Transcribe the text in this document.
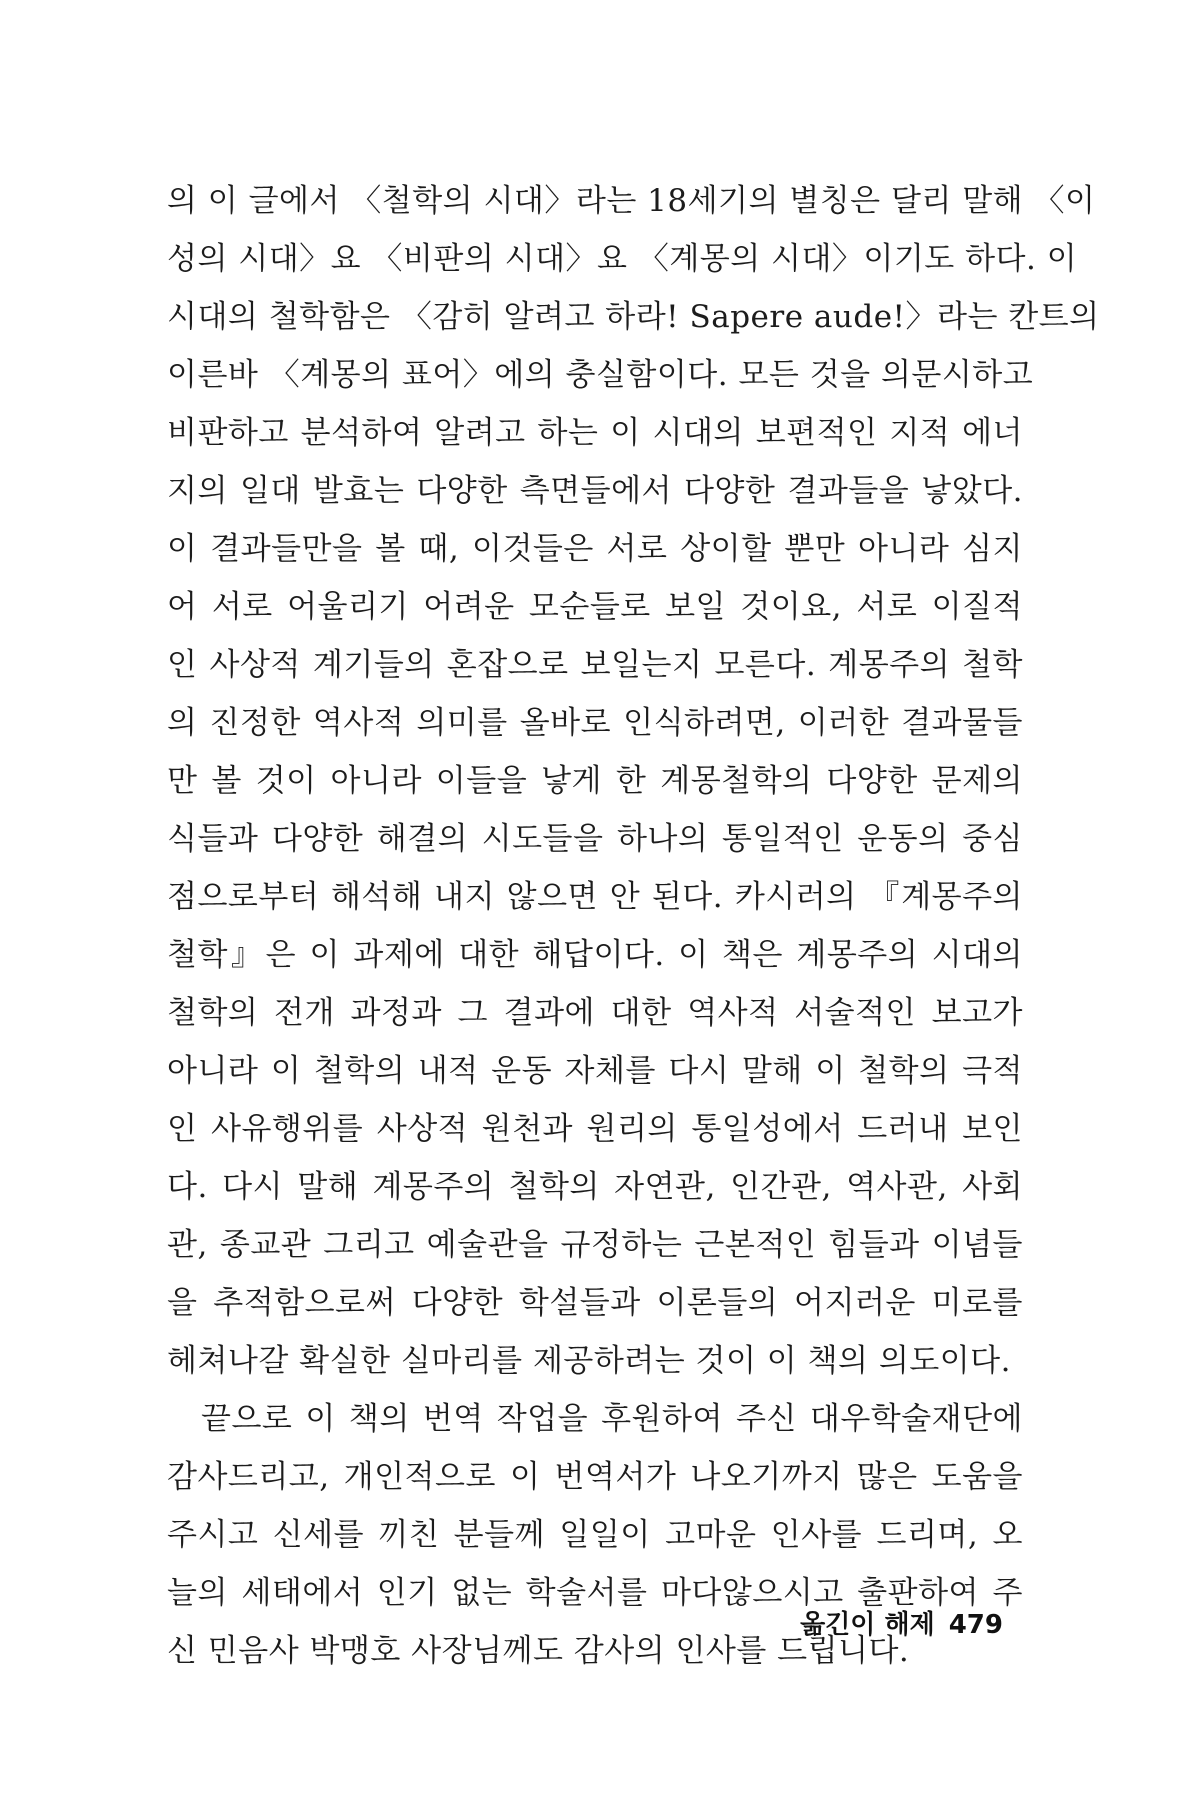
의 이 글에서 〈철학의 시대〉라는 18세기의 별칭은 달리 말해 〈이
성의 시대〉요 〈비판의 시대〉요 〈계몽의 시대〉이기도 하다. 이
시대의 철학함은 〈감히 알려고 하라! Sapere aude!〉라는 칸트의
이른바 〈계몽의 표어〉에의 충실함이다. 모든 것을 의문시하고
비판하고 분석하여 알려고 하는 이 시대의 보편적인 지적 에너
지의 일대 발효는 다양한 측면들에서 다양한 결과들을 낳았다.
이 결과들만을 볼 때, 이것들은 서로 상이할 뿐만 아니라 심지
어 서로 어울리기 어려운 모순들로 보일 것이요, 서로 이질적
인 사상적 계기들의 혼잡으로 보일는지 모른다. 계몽주의 철학
의 진정한 역사적 의미를 올바로 인식하려면, 이러한 결과물들
만 볼 것이 아니라 이들을 낳게 한 계몽철학의 다양한 문제의
식들과 다양한 해결의 시도들을 하나의 통일적인 운동의 중심
점으로부터 해석해 내지 않으면 안 된다. 카시러의 『계몽주의
철학』은 이 과제에 대한 해답이다. 이 책은 계몽주의 시대의
철학의 전개 과정과 그 결과에 대한 역사적 서술적인 보고가
아니라 이 철학의 내적 운동 자체를 다시 말해 이 철학의 극적
인 사유행위를 사상적 원천과 원리의 통일성에서 드러내 보인
다. 다시 말해 계몽주의 철학의 자연관, 인간관, 역사관, 사회
관, 종교관 그리고 예술관을 규정하는 근본적인 힘들과 이념들
을 추적함으로써 다양한 학설들과 이론들의 어지러운 미로를
헤쳐나갈 확실한 실마리를 제공하려는 것이 이 책의 의도이다.
끝으로 이 책의 번역 작업을 후원하여 주신 대우학술재단에
감사드리고, 개인적으로 이 번역서가 나오기까지 많은 도움을
주시고 신세를 끼친 분들께 일일이 고마운 인사를 드리며, 오
늘의 세태에서 인기 없는 학술서를 마다않으시고 출판하여 주
신 민음사 박맹호 사장님께도 감사의 인사를 드립니다.
옮긴이 해제 479
